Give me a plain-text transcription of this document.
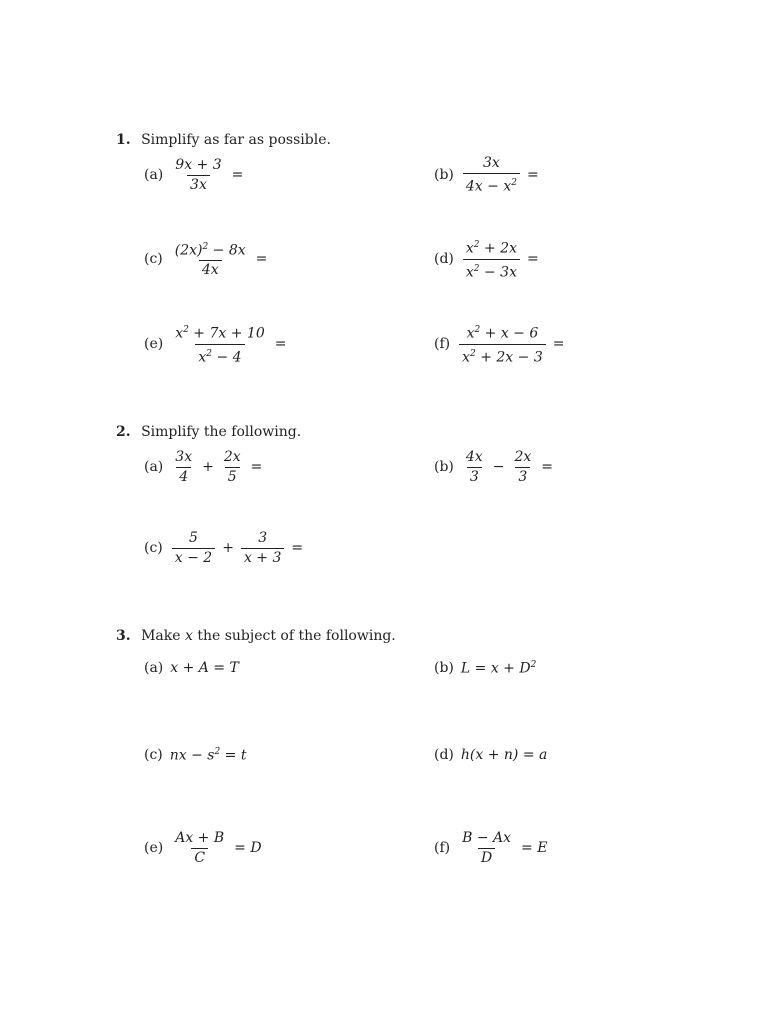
1. Simplify as far as possible.
$(a) \frac{9x + 3}{3x}$ =	$(b) \frac{3x}{4x - x^2}$ =
$(c) \frac{(2x)^2 - 8x}{4x}$ =	$(d) \frac{x^2 + 2x}{x^2 - 3x}$ =
$(e) \frac{x^2 + 7x + 10}{x^2 - 4}$ =	$(f) \frac{x^2 + x - 6}{x^2 + 2x - 3}$ =
2. Simplify the following.
$(a) \frac{3x}{4} + \frac{2x}{5}$ =	$(b) \frac{4x}{3} - \frac{2x}{3}$ =
$(c) \frac{5}{x - 2} + \frac{3}{x + 3}$ =
3. Make x the subject of the following.
(a) x + A = T	(b) $L = x + D^2$
(c) nx − $s^2 = t$	(d) h(x + n) = a
$(e) \frac{Ax + B}{C} = D$	$(f) \frac{B - Ax}{D} = E$
